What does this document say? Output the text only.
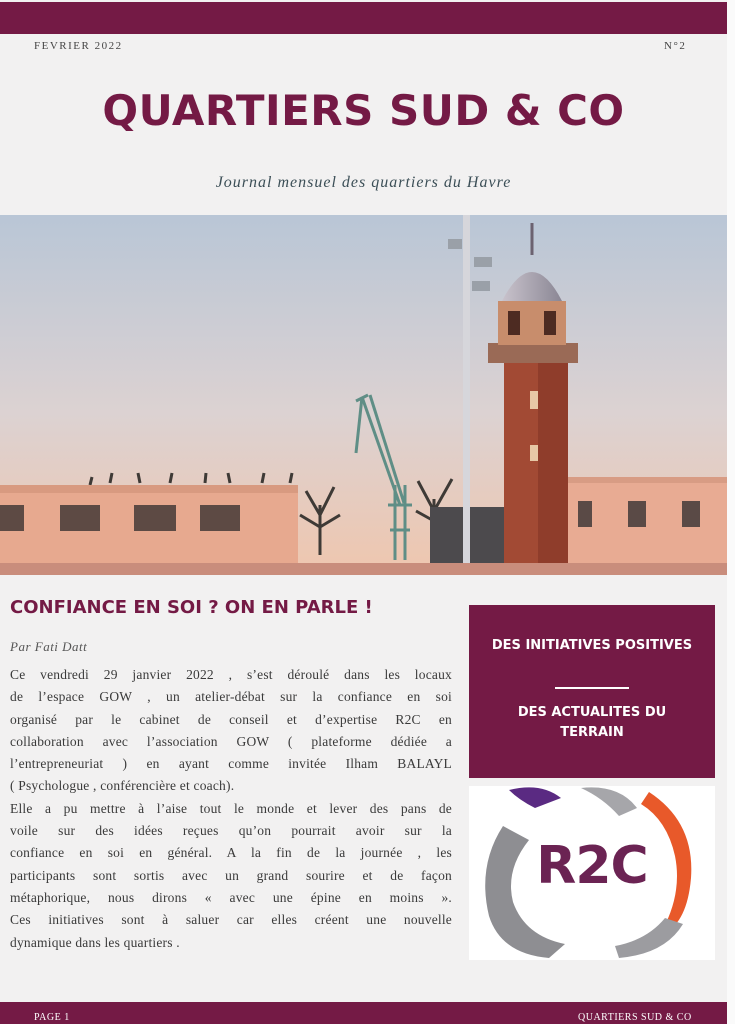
FEVRIER 2022	N°2
QUARTIERS SUD & CO
Journal mensuel des quartiers du Havre
CONFIANCE EN SOI ? ON EN PARLE !
Par Fati Datt
Ce vendredi 29 janvier 2022 , s’est déroulé dans les locaux
de l’espace GOW , un atelier-débat sur la confiance en soi
organisé par le cabinet de conseil et d’expertise R2C en
collaboration avec l’association GOW ( plateforme dédiée a
l’entrepreneuriat ) en ayant comme invitée Ilham BALAYL
( Psychologue , conférencière et coach).
Elle a pu mettre à l’aise tout le monde et lever des pans de
voile sur des idées reçues qu’on pourrait avoir sur la
confiance en soi en général. A la fin de la journée , les
participants sont sortis avec un grand sourire et de façon
métaphorique, nous dirons « avec une épine en moins ».
Ces initiatives sont à saluer car elles créent une nouvelle
dynamique dans les quartiers .
DES INITIATIVES POSITIVES
DES ACTUALITES DU TERRAIN
R2C
PAGE 1	QUARTIERS SUD & CO
